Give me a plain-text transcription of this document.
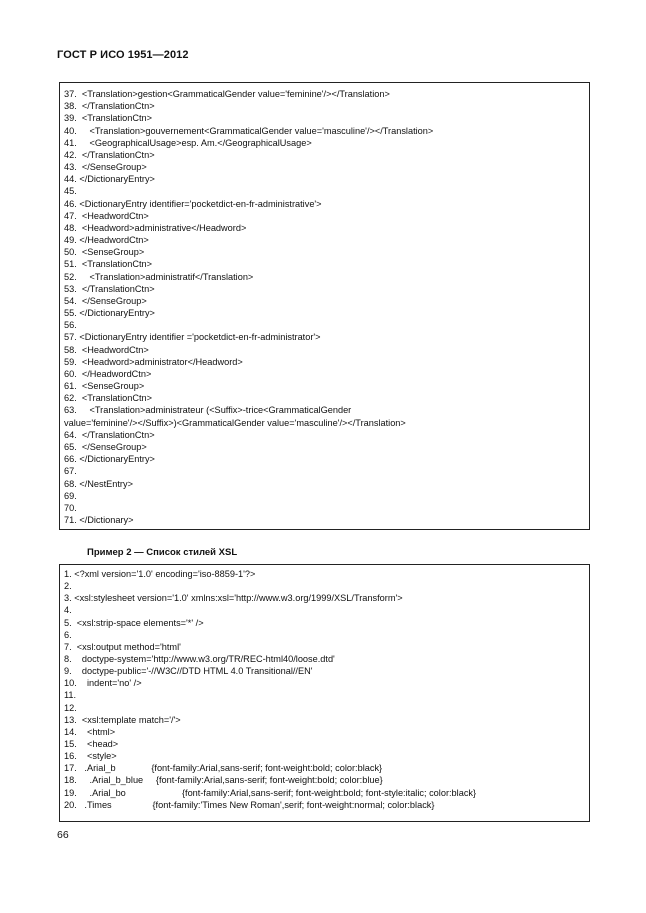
ГОСТ Р ИСО 1951—2012
37.  <Translation>gestion<GrammaticalGender value='feminine'/></Translation>
38.  </TranslationCtn>
39.  <TranslationCtn>
40.     <Translation>gouvernement<GrammaticalGender value='masculine'/></Translation>
41.     <GeographicalUsage>esp. Am.</GeographicalUsage>
42.  </TranslationCtn>
43.  </SenseGroup>
44. </DictionaryEntry>
45.
46. <DictionaryEntry identifier='pocketdict-en-fr-administrative'>
47.  <HeadwordCtn>
48.  <Headword>administrative</Headword>
49. </HeadwordCtn>
50.  <SenseGroup>
51.  <TranslationCtn>
52.     <Translation>administratif</Translation>
53.  </TranslationCtn>
54.  </SenseGroup>
55. </DictionaryEntry>
56.
57. <DictionaryEntry identifier ='pocketdict-en-fr-administrator'>
58.  <HeadwordCtn>
59.  <Headword>administrator</Headword>
60.  </HeadwordCtn>
61.  <SenseGroup>
62.  <TranslationCtn>
63.     <Translation>administrateur (<Suffix>-trice<GrammaticalGender
value='feminine'/></Suffix>)<GrammaticalGender value='masculine'/></Translation>
64.  </TranslationCtn>
65.  </SenseGroup>
66. </DictionaryEntry>
67.
68. </NestEntry>
69.
70.
71. </Dictionary>
Пример 2 — Список стилей XSL
1. <?xml version='1.0' encoding='iso-8859-1'?>
2.
3. <xsl:stylesheet version='1.0' xmlns:xsl='http://www.w3.org/1999/XSL/Transform'>
4.
5.  <xsl:strip-space elements='*' />
6.
7.  <xsl:output method='html'
8.    doctype-system='http://www.w3.org/TR/REC-html40/loose.dtd'
9.    doctype-public='-//W3C//DTD HTML 4.0 Transitional//EN'
10.    indent='no' />
11.
12.
13.  <xsl:template match='/'>
14.    <html>
15.    <head>
16.    <style>
17.   .Arial_b              {font-family:Arial,sans-serif; font-weight:bold; color:black}
18.     .Arial_b_blue     {font-family:Arial,sans-serif; font-weight:bold; color:blue}
19.     .Arial_bo                      {font-family:Arial,sans-serif; font-weight:bold; font-style:italic; color:black}
20.   .Times                {font-family:'Times New Roman',serif; font-weight:normal; color:black}
66
